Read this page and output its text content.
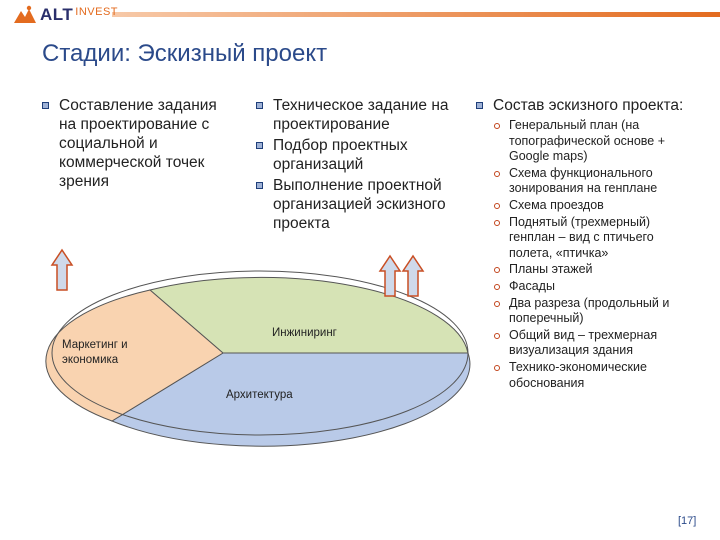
ALT INVEST
Стадии: Эскизный проект
Составление задания на проектирование с социальной и коммерческой точек зрения
Техническое задание на проектирование
Подбор проектных организаций
Выполнение проектной организацией эскизного проекта
Состав эскизного проекта:
Генеральный план (на топографической основе + Google maps)
Схема функционального зонирования на генплане
Схема проездов
Поднятый (трехмерный) генплан – вид с птичьего полета, «птичка»
Планы этажей
Фасады
Два разреза (продольный и поперечный)
Общий вид – трехмерная визуализация здания
Технико-экономические обоснования
Маркетинг и
экономика
Инжиниринг
Архитектура
[17]
